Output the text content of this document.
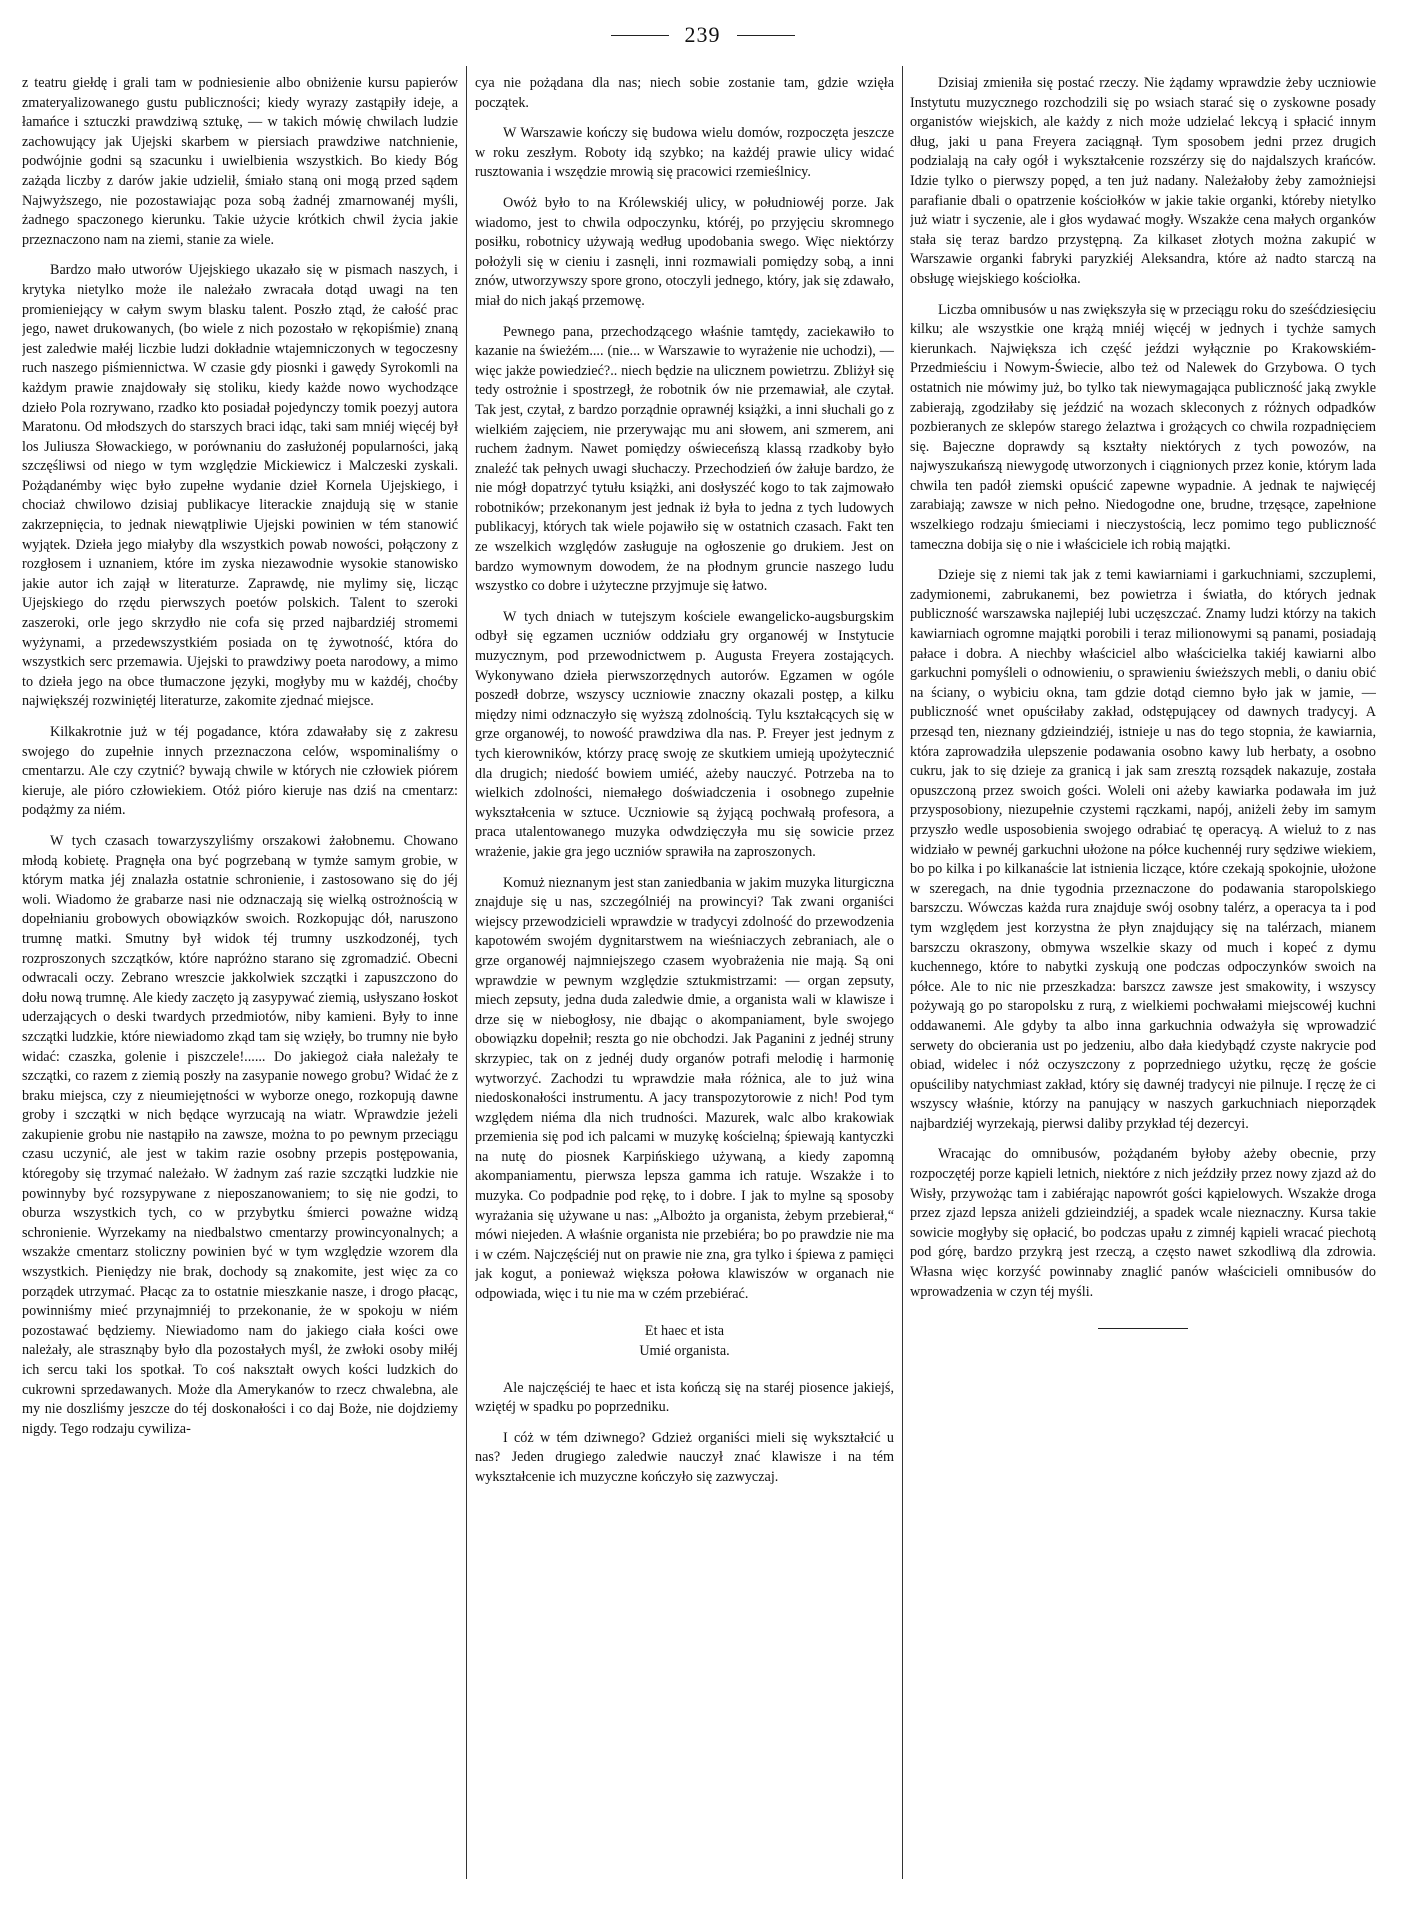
239

z teatru giełdę i grali tam w podniesienie albo obniżenie kursu papierów zmateryalizowanego gustu publiczności; kiedy wyrazy zastąpiły ideje, a łamańce i sztuczki prawdziwą sztukę, — w takich mówię chwilach ludzie zachowujący jak Ujejski skarbem w piersiach prawdziwe natchnienie, podwójnie godni są szacunku i uwielbienia wszystkich. Bo kiedy Bóg zażąda liczby z darów jakie udzielił, śmiało staną oni mogą przed sądem Najwyższego, nie pozostawiając poza sobą żadnéj zmarnowanéj myśli, żadnego spaczonego kierunku. Takie użycie krótkich chwil życia jakie przeznaczono nam na ziemi, stanie za wiele.

Bardzo mało utworów Ujejskiego ukazało się w pismach naszych, i krytyka nietylko może ile należało zwracała dotąd uwagi na ten promieniejący w całym swym blasku talent. Poszło ztąd, że całość prac jego, nawet drukowanych, (bo wiele z nich pozostało w rękopiśmie) znaną jest zaledwie małéj liczbie ludzi dokładnie wtajemniczonych w tegoczesny ruch naszego piśmiennictwa. W czasie gdy piosnki i gawędy Syrokomli na każdym prawie znajdowały się stoliku, kiedy każde nowo wychodzące dzieło Pola rozrywano, rzadko kto posiadał pojedynczy tomik poezyj autora Maratonu. Od młodszych do starszych braci idąc, taki sam mniéj więcéj był los Juliusza Słowackiego, w porównaniu do zasłużonéj popularności, jaką szczęśliwsi od niego w tym względzie Mickiewicz i Malczeski zyskali. Pożądanémby więc było zupełne wydanie dzieł Kornela Ujejskiego, i chociaż chwilowo dzisiaj publikacye literackie znajdują się w stanie zakrzepnięcia, to jednak niewątpliwie Ujejski powinien w tém stanowić wyjątek. Dzieła jego miałyby dla wszystkich powab nowości, połączony z rozgłosem i uznaniem, które im zyska niezawodnie wysokie stanowisko jakie autor ich zajął w literaturze. Zaprawdę, nie mylimy się, licząc Ujejskiego do rzędu pierwszych poetów polskich. Talent to szeroki zaszeroki, orle jego skrzydło nie cofa się przed najbardziéj stromemi wyżynami, a przedewszystkiém posiada on tę żywotność, która do wszystkich serc przemawia. Ujejski to prawdziwy poeta narodowy, a mimo to dzieła jego na obce tłumaczone języki, mogłyby mu w każdéj, choćby największéj rozwiniętéj literaturze, zakomite zjednać miejsce.

Kilkakrotnie już w téj pogadance, która zdawałaby się z zakresu swojego do zupełnie innych przeznaczona celów, wspominaliśmy o cmentarzu. Ale czy czytnić? bywają chwile w których nie człowiek piórem kieruje, ale pióro człowiekiem. Otóż pióro kieruje nas dziś na cmentarz: podążmy za niém.

W tych czasach towarzyszyliśmy orszakowi żałobnemu. Chowano młodą kobietę. Pragnęła ona być pogrzebaną w tymże samym grobie, w którym matka jéj znalazła ostatnie schronienie, i zastosowano się do jéj woli. Wiadomo że grabarze nasi nie odznaczają się wielką ostrożnością w dopełnianiu grobowych obowiązków swoich. Rozkopując dół, naruszono trumnę matki. Smutny był widok téj trumny uszkodzonéj, tych rozproszonych szczątków, które napróżno starano się zgromadzić. Obecni odwracali oczy. Zebrano wreszcie jakkolwiek szczątki i zapuszczono do dołu nową trumnę. Ale kiedy zaczęto ją zasypywać ziemią, usłyszano łoskot uderzających o deski twardych przedmiotów, niby kamieni. Były to inne szczątki ludzkie, które niewiadomo zkąd tam się wzięły, bo trumny nie było widać: czaszka, golenie i piszczele!...... Do jakiegoż ciała należały te szczątki, co razem z ziemią poszły na zasypanie nowego grobu? Widać że z braku miejsca, czy z nieumiejętności w wyborze onego, rozkopują dawne groby i szczątki w nich będące wyrzucają na wiatr. Wprawdzie jeżeli zakupienie grobu nie nastąpiło na zawsze, można to po pewnym przeciągu czasu uczynić, ale jest w takim razie osobny przepis postępowania, któregoby się trzymać należało. W żadnym zaś razie szczątki ludzkie nie powinnyby być rozsypywane z nieposzanowaniem; to się nie godzi, to oburza wszystkich tych, co w przybytku śmierci poważne widzą schronienie. Wyrzekamy na niedbalstwo cmentarzy prowincyonalnych; a wszakże cmentarz stoliczny powinien być w tym względzie wzorem dla wszystkich. Pieniędzy nie brak, dochody są znakomite, jest więc za co porządek utrzymać. Płacąc za to ostatnie mieszkanie nasze, i drogo płacąc, powinniśmy mieć przynajmniéj to przekonanie, że w spokoju w niém pozostawać będziemy. Niewiadomo nam do jakiego ciała kości owe należały, ale strasznąby było dla pozostałych myśl, że zwłoki osoby miłéj ich sercu taki los spotkał. To coś nakształt owych kości ludzkich do cukrowni sprzedawanych. Może dla Amerykanów to rzecz chwalebna, ale my nie doszliśmy jeszcze do téj doskonałości i co daj Boże, nie dojdziemy nigdy. Tego rodzaju cywiliza-

cya nie pożądana dla nas; niech sobie zostanie tam, gdzie wzięła początek.

W Warszawie kończy się budowa wielu domów, rozpoczęta jeszcze w roku zeszłym. Roboty idą szybko; na każdéj prawie ulicy widać rusztowania i wszędzie mrowią się pracowici rzemieślnicy.

Owóż było to na Królewskiéj ulicy, w południowéj porze. Jak wiadomo, jest to chwila odpoczynku, któréj, po przyjęciu skromnego posiłku, robotnicy używają według upodobania swego. Więc niektórzy położyli się w cieniu i zasnęli, inni rozmawiali pomiędzy sobą, a inni znów, utworzywszy spore grono, otoczyli jednego, który, jak się zdawało, miał do nich jakąś przemowę.

Pewnego pana, przechodzącego właśnie tamtędy, zaciekawiło to kazanie na świeżém.... (nie... w Warszawie to wyrażenie nie uchodzi), — więc jakże powiedzieć?.. niech będzie na ulicznem powietrzu. Zbliżył się tedy ostrożnie i spostrzegł, że robotnik ów nie przemawiał, ale czytał. Tak jest, czytał, z bardzo porządnie oprawnéj książki, a inni słuchali go z wielkiém zajęciem, nie przerywając mu ani słowem, ani szmerem, ani ruchem żadnym. Nawet pomiędzy oświeceńszą klassą rzadkoby było znaleźć tak pełnych uwagi słuchaczy. Przechodzień ów żałuje bardzo, że nie mógł dopatrzyć tytułu książki, ani dosłyszéć kogo to tak zajmowało robotników; przekonanym jest jednak iż była to jedna z tych ludowych publikacyj, których tak wiele pojawiło się w ostatnich czasach. Fakt ten ze wszelkich względów zasługuje na ogłoszenie go drukiem. Jest on bardzo wymownym dowodem, że na płodnym gruncie naszego ludu wszystko co dobre i użyteczne przyjmuje się łatwo.

W tych dniach w tutejszym kościele ewangelicko-augsburgskim odbył się egzamen uczniów oddziału gry organowéj w Instytucie muzycznym, pod przewodnictwem p. Augusta Freyera zostających. Wykonywano dzieła pierwszorzędnych autorów. Egzamen w ogóle poszedł dobrze, wszyscy uczniowie znaczny okazali postęp, a kilku między nimi odznaczyło się wyższą zdolnością. Tylu kształcących się w grze organowéj, to nowość prawdziwa dla nas. P. Freyer jest jednym z tych kierowników, którzy pracę swoję ze skutkiem umieją upożytecznić dla drugich; niedość bowiem umiéć, ażeby nauczyć. Potrzeba na to wielkich zdolności, niemałego doświadczenia i osobnego zupełnie wykształcenia w sztuce. Uczniowie są żyjącą pochwałą profesora, a praca utalentowanego muzyka odwdzięczyła mu się sowicie przez wrażenie, jakie gra jego uczniów sprawiła na zaproszonych.

Komuż nieznanym jest stan zaniedbania w jakim muzyka liturgiczna znajduje się u nas, szczególniéj na prowincyi? Tak zwani organiści wiejscy przewodzicieli wprawdzie w tradycyi zdolność do przewodzenia kapotowém swojém dygnitarstwem na wieśniaczych zebraniach, ale o grze organowéj najmniejszego czasem wyobrażenia nie mają. Są oni wprawdzie w pewnym względzie sztukmistrzami: — organ zepsuty, miech zepsuty, jedna duda zaledwie dmie, a organista wali w klawisze i drze się w niebogłosy, nie dbając o akompaniament, byle swojego obowiązku dopełnił; reszta go nie obchodzi. Jak Paganini z jednéj struny skrzypiec, tak on z jednéj dudy organów potrafi melodię i harmonię wytworzyć. Zachodzi tu wprawdzie mała różnica, ale to już wina niedoskonałości instrumentu. A jacy transpozytorowie z nich! Pod tym względem niéma dla nich trudności. Mazurek, walc albo krakowiak przemienia się pod ich palcami w muzykę kościelną; śpiewają kantyczki na nutę do piosnek Karpińskiego używaną, a kiedy zapomną akompaniamentu, pierwsza lepsza gamma ich ratuje. Wszakże i to muzyka. Co podpadnie pod rękę, to i dobre. I jak to mylne są sposoby wyrażania się używane u nas: „Albożto ja organista, żebym przebierał,“ mówi niejeden. A właśnie organista nie przebiéra; bo po prawdzie nie ma i w czém. Najczęściéj nut on prawie nie zna, gra tylko i śpiewa z pamięci jak kogut, a ponieważ większa połowa klawiszów w organach nie odpowiada, więc i tu nie ma w czém przebiérać.

Et haec et ista
Umié organista.

Ale najczęściéj te haec et ista kończą się na staréj piosence jakiejś, wziętéj w spadku po poprzedniku.

I cóż w tém dziwnego? Gdzież organiści mieli się wykształcić u nas? Jeden drugiego zaledwie nauczył znać klawisze i na tém wykształcenie ich muzyczne kończyło się zazwyczaj.

Dzisiaj zmieniła się postać rzeczy. Nie żądamy wprawdzie żeby uczniowie Instytutu muzycznego rozchodzili się po wsiach starać się o zyskowne posady organistów wiejskich, ale każdy z nich może udzielać lekcyą i spłacić innym dług, jaki u pana Freyera zaciągnął. Tym sposobem jedni przez drugich podzialają na cały ogół i wykształcenie rozszérzy się do najdalszych krańców. Idzie tylko o pierwszy popęd, a ten już nadany. Należałoby żeby zamożniejsi parafianie dbali o opatrzenie kościołków w jakie takie organki, któreby nietylko już wiatr i syczenie, ale i głos wydawać mogły. Wszakże cena małych organków stała się teraz bardzo przystępną. Za kilkaset złotych można zakupić w Warszawie organki fabryki paryzkiéj Aleksandra, które aż nadto starczą na obsługę wiejskiego kościołka.

Liczba omnibusów u nas zwiększyła się w przeciągu roku do sześćdziesięciu kilku; ale wszystkie one krążą mniéj więcéj w jednych i tychże samych kierunkach. Największa ich część jeździ wyłącznie po Krakowskiém-Przedmieściu i Nowym-Świecie, albo też od Nalewek do Grzybowa. O tych ostatnich nie mówimy już, bo tylko tak niewymagająca publiczność jaką zwykle zabierają, zgodziłaby się jeździć na wozach skleconych z różnych odpadków pozbieranych ze sklepów starego żelaztwa i grożących co chwila rozpadnięciem się. Bajeczne doprawdy są kształty niektórych z tych powozów, na najwyszukańszą niewygodę utworzonych i ciągnionych przez konie, którym lada chwila ten padół ziemski opuścić zapewne wypadnie. A jednak te najwięcéj zarabiają; zawsze w nich pełno. Niedogodne one, brudne, trzęsące, zapełnione wszelkiego rodzaju śmieciami i nieczystością, lecz pomimo tego publiczność tameczna dobija się o nie i właściciele ich robią majątki.

Dzieje się z niemi tak jak z temi kawiarniami i garkuchniami, szczuplemi, zadymionemi, zabrukanemi, bez powietrza i światła, do których jednak publiczność warszawska najlepiéj lubi uczęszczać. Znamy ludzi którzy na takich kawiarniach ogromne majątki porobili i teraz milionowymi są panami, posiadają pałace i dobra. A niechby właściciel albo właścicielka takiéj kawiarni albo garkuchni pomyśleli o odnowieniu, o sprawieniu świeższych mebli, o daniu obić na ściany, o wybiciu okna, tam gdzie dotąd ciemno było jak w jamie, — publiczność wnet opuściłaby zakład, odstępującey od dawnych tradycyj. A przesąd ten, nieznany gdzieindziéj, istnieje u nas do tego stopnia, że kawiarnia, która zaprowadziła ulepszenie podawania osobno kawy lub herbaty, a osobno cukru, jak to się dzieje za granicą i jak sam zresztą rozsądek nakazuje, została opuszczoną przez swoich gości. Woleli oni ażeby kawiarka podawała im już przysposobiony, niezupełnie czystemi rączkami, napój, aniżeli żeby im samym przyszło wedle usposobienia swojego odrabiać tę operacyą. A wieluż to z nas widziało w pewnéj garkuchni ułożone na półce kuchennéj rury sędziwe wiekiem, bo po kilka i po kilkanaście lat istnienia liczące, które czekają spokojnie, ułożone w szeregach, na dnie tygodnia przeznaczone do podawania staropolskiego barszczu. Wówczas każda rura znajduje swój osobny talérz, a operacya ta i pod tym względem jest korzystna że płyn znajdujący się na talérzach, mianem barszczu okraszony, obmywa wszelkie skazy od much i kopeć z dymu kuchennego, które to nabytki zyskują one podczas odpoczynków swoich na półce. Ale to nic nie przeszkadza: barszcz zawsze jest smakowity, i wszyscy pożywają go po staropolsku z rurą, z wielkiemi pochwałami miejscowéj kuchni oddawanemi. Ale gdyby ta albo inna garkuchnia odważyła się wprowadzić serwety do obcierania ust po jedzeniu, albo dała kiedybądź czyste nakrycie pod obiad, widelec i nóż oczyszczony z poprzedniego użytku, ręczę że goście opuściliby natychmiast zakład, który się dawnéj tradycyi nie pilnuje. I ręczę że ci wszyscy właśnie, którzy na panujący w naszych garkuchniach nieporządek najbardziéj wyrzekają, pierwsi daliby przykład téj dezercyi.

Wracając do omnibusów, pożądaném byłoby ażeby obecnie, przy rozpoczętéj porze kąpieli letnich, niektóre z nich jeździły przez nowy zjazd aż do Wisły, przywożąc tam i zabiérając napowrót gości kąpielowych. Wszakże droga przez zjazd lepsza aniżeli gdzieindziéj, a spadek wcale nieznaczny. Kursa takie sowicie mogłyby się opłacić, bo podczas upału z zimnéj kąpieli wracać piechotą pod górę, bardzo przykrą jest rzeczą, a często nawet szkodliwą dla zdrowia. Własna więc korzyść powinnaby znaglić panów właścicieli omnibusów do wprowadzenia w czyn téj myśli.
